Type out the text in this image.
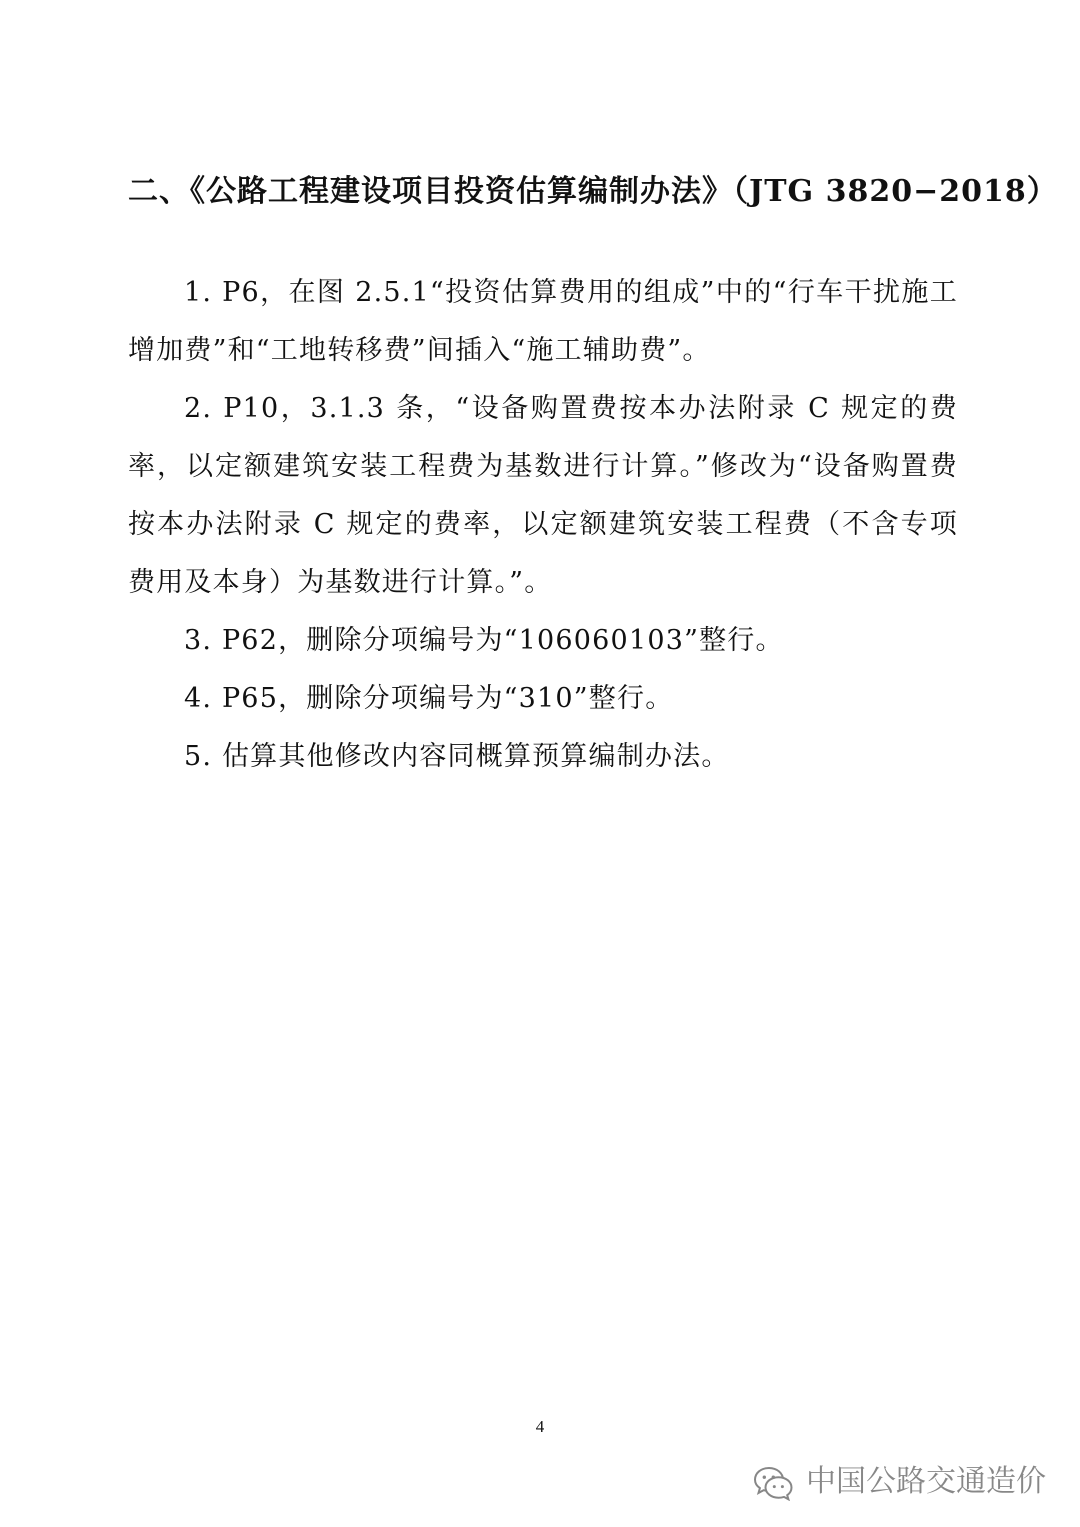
二、《公路工程建设项目投资估算编制办法》（JTG 3820−2018）

1. P6，在图 2.5.1“投资估算费用的组成”中的“行车干扰施工增加费”和“工地转移费”间插入“施工辅助费”。

2. P10，3.1.3 条，“设备购置费按本办法附录 C 规定的费率，以定额建筑安装工程费为基数进行计算。”修改为“设备购置费按本办法附录 C 规定的费率，以定额建筑安装工程费（不含专项费用及本身）为基数进行计算。”。

3. P62，删除分项编号为“106060103”整行。

4. P65，删除分项编号为“310”整行。

5. 估算其他修改内容同概算预算编制办法。

4
中国公路交通造价
